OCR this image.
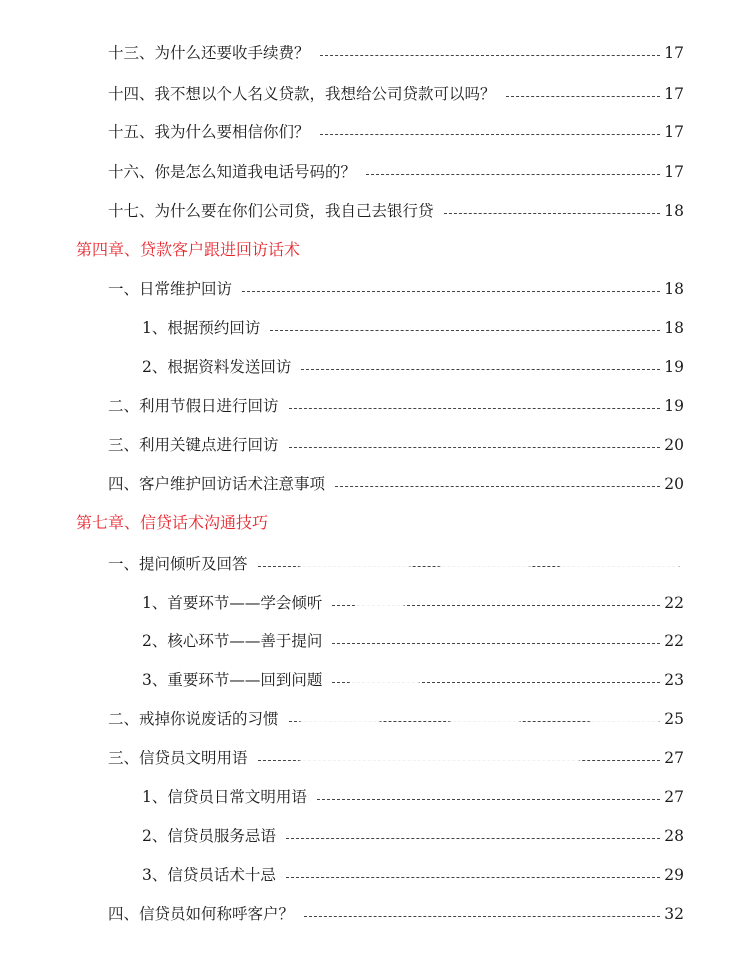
十三、为什么还要收手续费？	17
十四、我不想以个人名义贷款，我想给公司贷款可以吗？	17
十五、我为什么要相信你们？	17
十六、你是怎么知道我电话号码的？	17
十七、为什么要在你们公司贷，我自己去银行贷	18
第四章、贷款客户跟进回访话术
一、日常维护回访	18
1、根据预约回访	18
2、根据资料发送回访	19
二、利用节假日进行回访	19
三、利用关键点进行回访	20
四、客户维护回访话术注意事项	20
第七章、信贷话术沟通技巧
一、提问倾听及回答
1、首要环节——学会倾听	22
2、核心环节——善于提问	22
3、重要环节——回到问题	23
二、戒掉你说废话的习惯	25
三、信贷员文明用语	27
1、信贷员日常文明用语	27
2、信贷员服务忌语	28
3、信贷员话术十忌	29
四、信贷员如何称呼客户？	32
